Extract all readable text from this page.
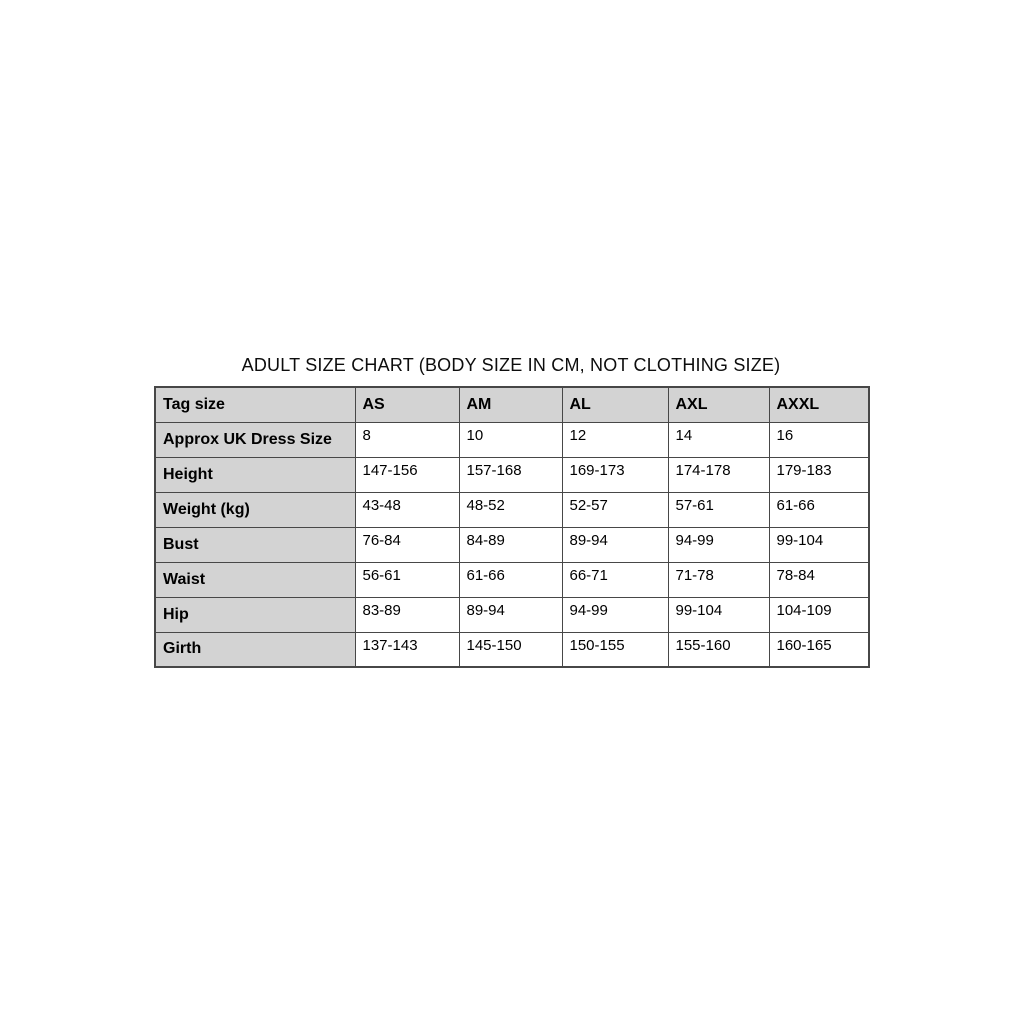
ADULT SIZE CHART (BODY SIZE IN CM, NOT CLOTHING SIZE)
Tag size	AS	AM	AL	AXL	AXXL
Approx UK Dress Size	8	10	12	14	16
Height	147-156	157-168	169-173	174-178	179-183
Weight (kg)	43-48	48-52	52-57	57-61	61-66
Bust	76-84	84-89	89-94	94-99	99-104
Waist	56-61	61-66	66-71	71-78	78-84
Hip	83-89	89-94	94-99	99-104	104-109
Girth	137-143	145-150	150-155	155-160	160-165
